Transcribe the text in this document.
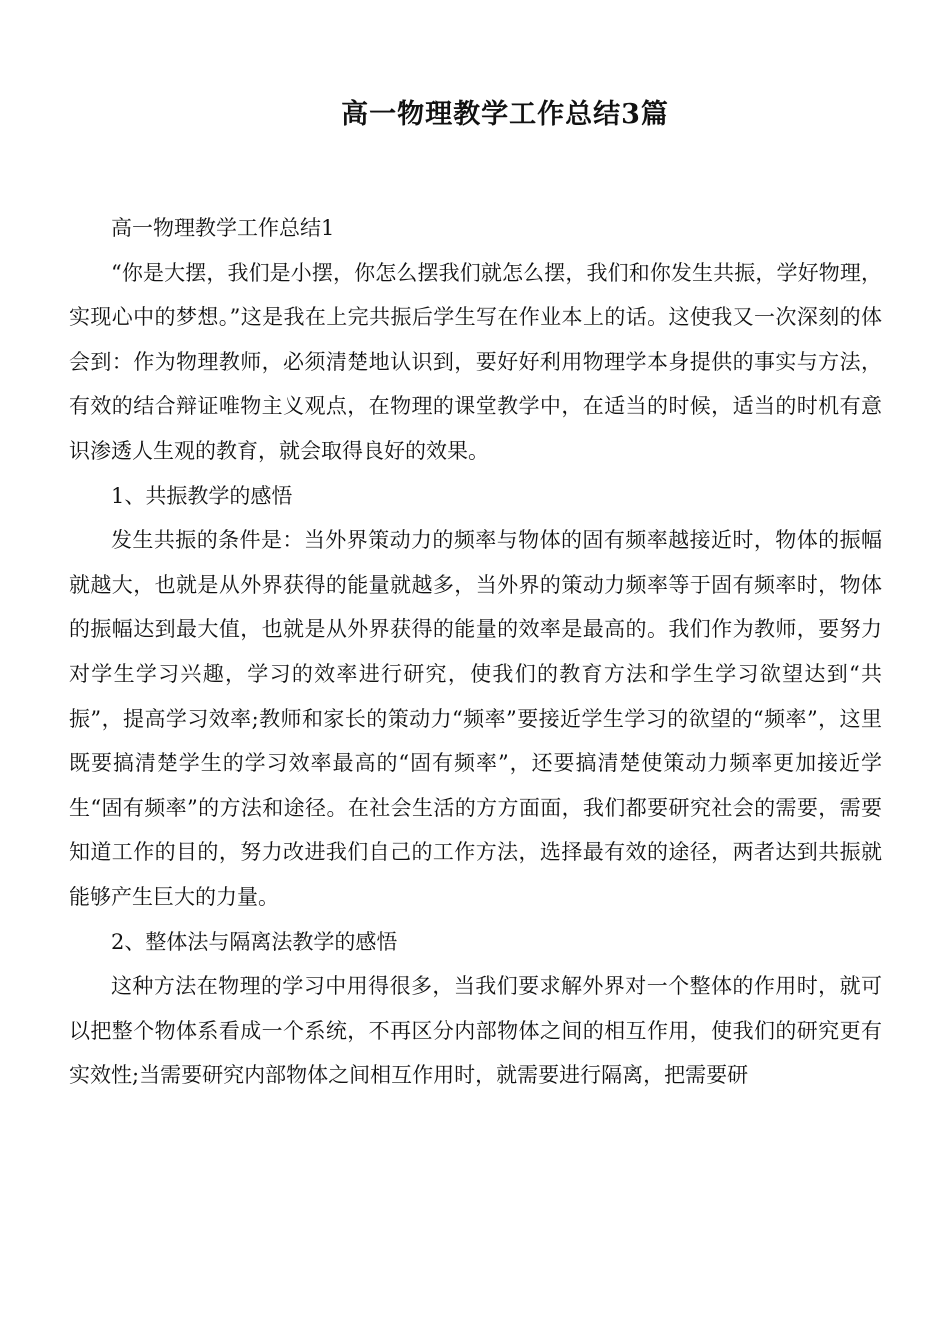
高一物理教学工作总结3篇

高一物理教学工作总结1

“你是大摆，我们是小摆，你怎么摆我们就怎么摆，我们和你发生共振，学好物理，实现心中的梦想。”这是我在上完共振后学生写在作业本上的话。这使我又一次深刻的体会到：作为物理教师，必须清楚地认识到，要好好利用物理学本身提供的事实与方法，有效的结合辩证唯物主义观点，在物理的课堂教学中，在适当的时候，适当的时机有意识渗透人生观的教育，就会取得良好的效果。

1、共振教学的感悟

发生共振的条件是：当外界策动力的频率与物体的固有频率越接近时，物体的振幅就越大，也就是从外界获得的能量就越多，当外界的策动力频率等于固有频率时，物体的振幅达到最大值，也就是从外界获得的能量的效率是最高的。我们作为教师，要努力对学生学习兴趣，学习的效率进行研究，使我们的教育方法和学生学习欲望达到“共振”，提高学习效率;教师和家长的策动力“频率”要接近学生学习的欲望的“频率”，这里既要搞清楚学生的学习效率最高的“固有频率”，还要搞清楚使策动力频率更加接近学生“固有频率”的方法和途径。在社会生活的方方面面，我们都要研究社会的需要，需要知道工作的目的，努力改进我们自己的工作方法，选择最有效的途径，两者达到共振就能够产生巨大的力量。

2、整体法与隔离法教学的感悟

这种方法在物理的学习中用得很多，当我们要求解外界对一个整体的作用时，就可以把整个物体系看成一个系统，不再区分内部物体之间的相互作用，使我们的研究更有实效性;当需要研究内部物体之间相互作用时，就需要进行隔离，把需要研
